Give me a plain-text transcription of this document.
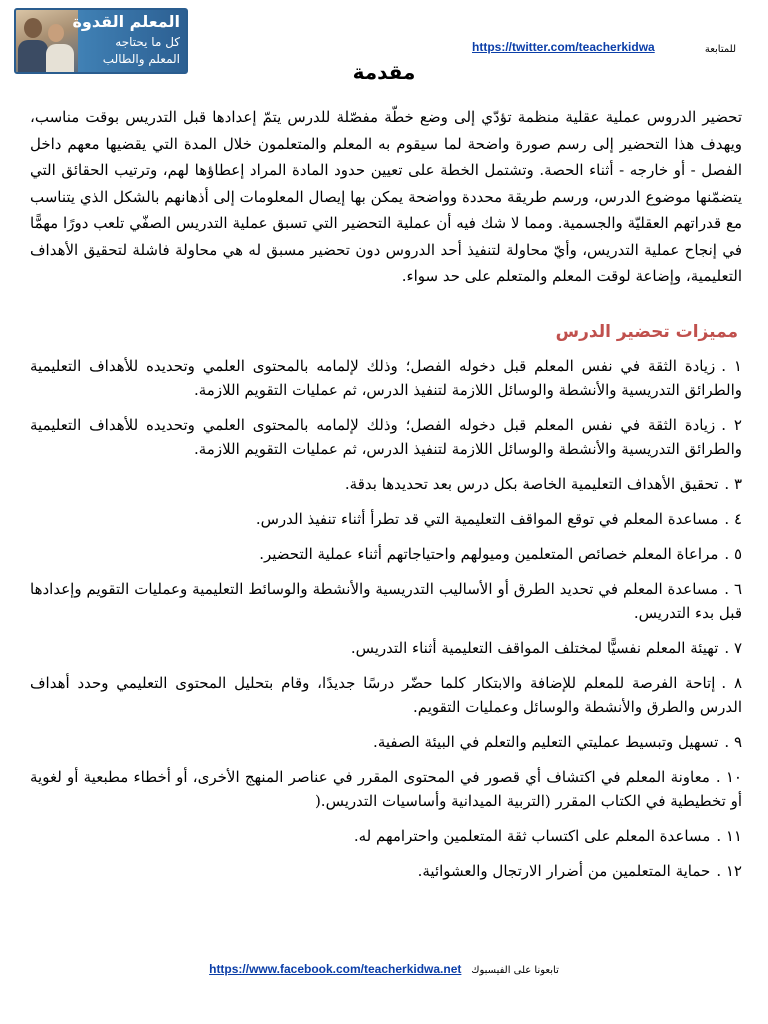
المعلم القدوة
كل ما يحتاجه
المعلم والطالب
للمتابعة
https://twitter.com/teacherkidwa
مقدمة

تحضير الدروس عملية عقلية منظمة تؤدّي إلى وضع خطّة مفصّلة للدرس يتمّ إعدادها قبل التدريس بوقت مناسب، ويهدف هذا التحضير إلى رسم صورة واضحة لما سيقوم به المعلم والمتعلمون خلال المدة التي يقضيها معهم داخل الفصل - أو خارجه - أثناء الحصة. وتشتمل الخطة على تعيين حدود المادة المراد إعطاؤها لهم، وترتيب الحقائق التي يتضمّنها موضوع الدرس، ورسم طريقة محددة وواضحة يمكن بها إيصال المعلومات إلى أذهانهم بالشكل الذي يتناسب مع قدراتهم العقليّة والجسمية. ومما لا شك فيه أن عملية التحضير التي تسبق عملية التدريس الصفّي تلعب دورًا مهمًّا في إنجاح عملية التدريس، وأيّ محاولة لتنفيذ أحد الدروس دون تحضير مسبق له هي محاولة فاشلة لتحقيق الأهداف التعليمية، وإضاعة لوقت المعلم والمتعلم على حد سواء.

مميزات تحضير الدرس
١ .زيادة الثقة في نفس المعلم قبل دخوله الفصل؛ وذلك لإلمامه بالمحتوى العلمي وتحديده للأهداف التعليمية والطرائق التدريسية والأنشطة والوسائل اللازمة لتنفيذ الدرس، ثم عمليات التقويم اللازمة.
٢ .زيادة الثقة في نفس المعلم قبل دخوله الفصل؛ وذلك لإلمامه بالمحتوى العلمي وتحديده للأهداف التعليمية والطرائق التدريسية والأنشطة والوسائل اللازمة لتنفيذ الدرس، ثم عمليات التقويم اللازمة.
٣ .تحقيق الأهداف التعليمية الخاصة بكل درس بعد تحديدها بدقة.
٤ .مساعدة المعلم في توقع المواقف التعليمية التي قد تطرأ أثناء تنفيذ الدرس.
٥ .مراعاة المعلم خصائص المتعلمين وميولهم واحتياجاتهم أثناء عملية التحضير.
٦ .مساعدة المعلم في تحديد الطرق أو الأساليب التدريسية والأنشطة والوسائط التعليمية وعمليات التقويم وإعدادها قبل بدء التدريس.
٧ .تهيئة المعلم نفسيًّا لمختلف المواقف التعليمية أثناء التدريس.
٨ .إتاحة الفرصة للمعلم للإضافة والابتكار كلما حضّر درسًا جديدًا، وقام بتحليل المحتوى التعليمي وحدد أهداف الدرس والطرق والأنشطة والوسائل وعمليات التقويم.
٩ .تسهيل وتبسيط عمليتي التعليم والتعلم في البيئة الصفية.
١٠ .معاونة المعلم في اكتشاف أي قصور في المحتوى المقرر في عناصر المنهج الأخرى، أو أخطاء مطبعية أو لغوية أو تخطيطية في الكتاب المقرر (التربية الميدانية وأساسيات التدريس.(
١١ .مساعدة المعلم على اكتساب ثقة المتعلمين واحترامهم له.
١٢ .حماية المتعلمين من أضرار الارتجال والعشوائية.
تابعونا على الفيسبوك https://www.facebook.com/teacherkidwa.net
